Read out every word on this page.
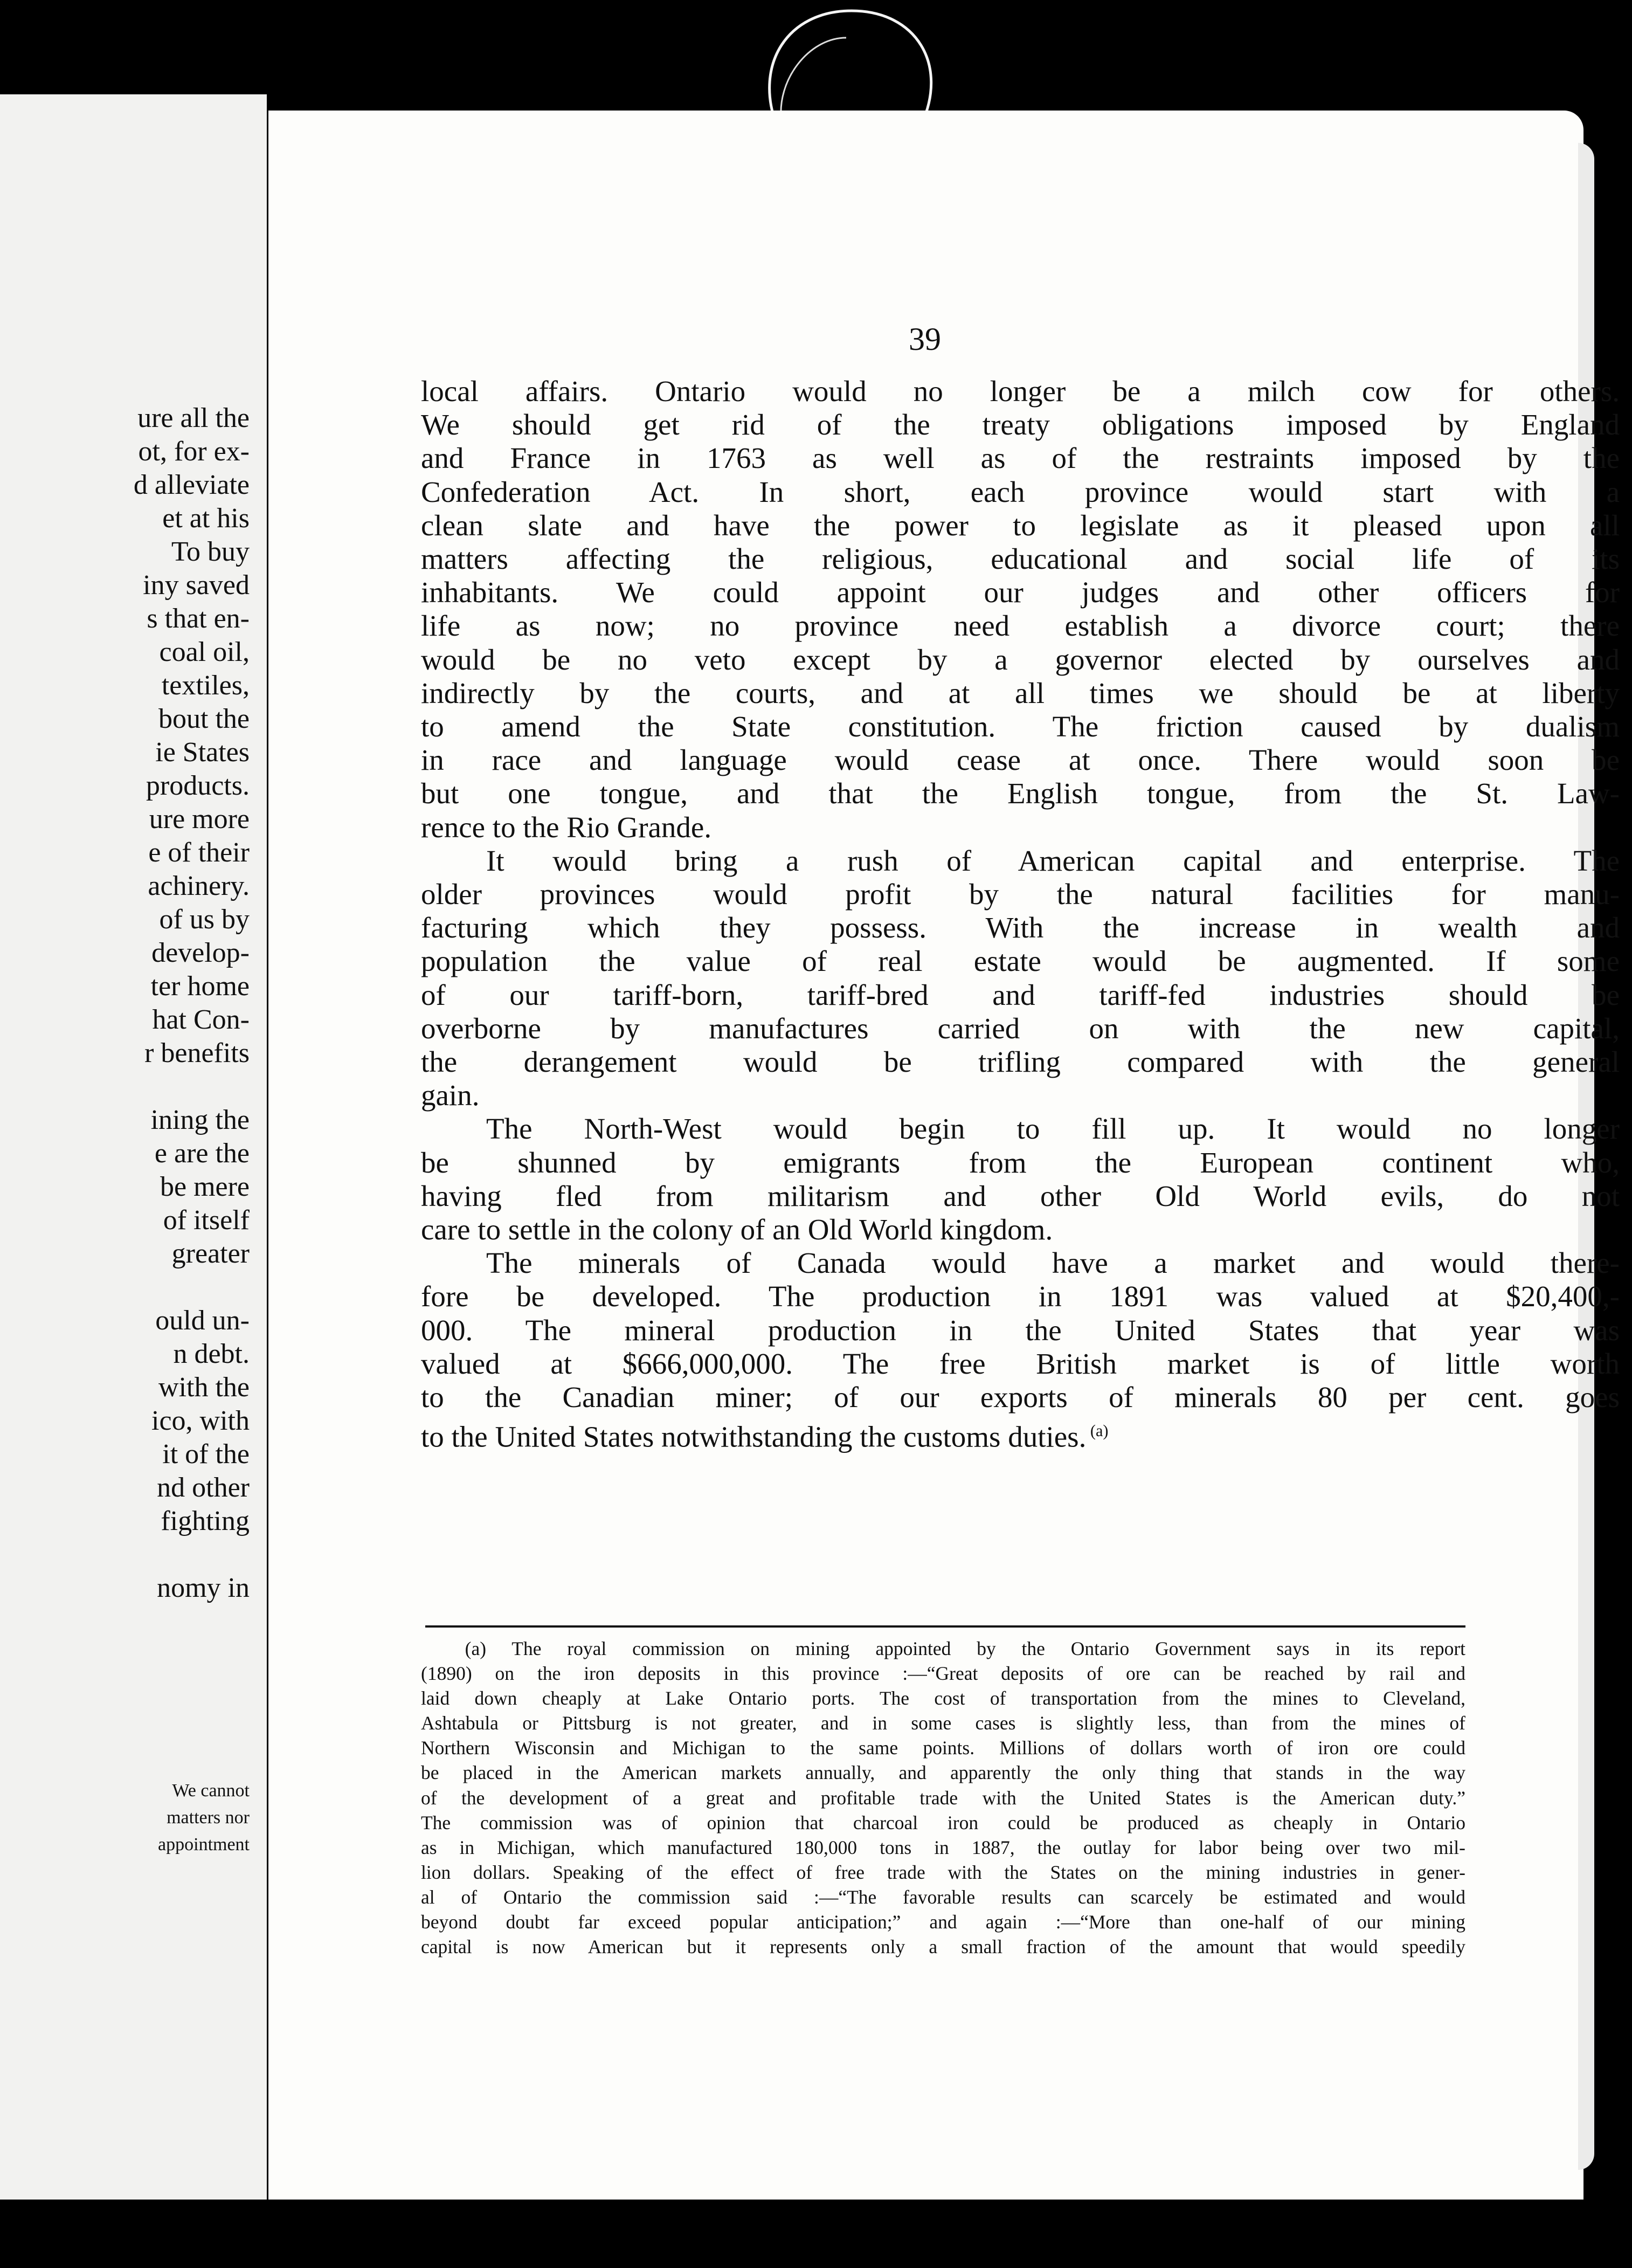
ure all the
ot, for ex-
d alleviate
et at his
To buy
iny saved
s that en-
coal oil,
textiles,
bout the
ie States
products.
ure more
e of their
achinery.
of us by
develop-
ter home
hat Con-
r benefits
ining the
e are the
be mere
of itself
greater
ould un-
n debt.
with the
ico, with
it of the
nd other
fighting
nomy in
We cannot
matters nor
appointment
39

local affairs. Ontario would no longer be a milch cow for others.

We should get rid of the treaty obligations imposed by England

and France in 1763 as well as of the restraints imposed by the

Confederation Act. In short, each province would start with a

clean slate and have the power to legislate as it pleased upon all

matters affecting the religious, educational and social life of its

inhabitants. We could appoint our judges and other officers for

life as now; no province need establish a divorce court; there

would be no veto except by a governor elected by ourselves and

indirectly by the courts, and at all times we should be at liberty

to amend the State constitution. The friction caused by dualism

in race and language would cease at once. There would soon be

but one tongue, and that the English tongue, from the St. Law-

rence to the Rio Grande.

It would bring a rush of American capital and enterprise. The

older provinces would profit by the natural facilities for manu-

facturing which they possess. With the increase in wealth and

population the value of real estate would be augmented. If some

of our tariff-born, tariff-bred and tariff-fed industries should be

overborne by manufactures carried on with the new capital,

the derangement would be trifling compared with the general

gain.

The North-West would begin to fill up. It would no longer

be shunned by emigrants from the European continent who,

having fled from militarism and other Old World evils, do not

care to settle in the colony of an Old World kingdom.

The minerals of Canada would have a market and would there-

fore be developed. The production in 1891 was valued at $20,400,-

000. The mineral production in the United States that year was

valued at $666,000,000. The free British market is of little worth

to the Canadian miner; of our exports of minerals 80 per cent. goes

to the United States notwithstanding the customs duties. $^{(a)}$

(a) The royal commission on mining appointed by the Ontario Government says in its report

(1890) on the iron deposits in this province :—“Great deposits of ore can be reached by rail and

laid down cheaply at Lake Ontario ports. The cost of transportation from the mines to Cleveland,

Ashtabula or Pittsburg is not greater, and in some cases is slightly less, than from the mines of

Northern Wisconsin and Michigan to the same points. Millions of dollars worth of iron ore could

be placed in the American markets annually, and apparently the only thing that stands in the way

of the development of a great and profitable trade with the United States is the American duty.”

The commission was of opinion that charcoal iron could be produced as cheaply in Ontario

as in Michigan, which manufactured 180,000 tons in 1887, the outlay for labor being over two mil-

lion dollars. Speaking of the effect of free trade with the States on the mining industries in gener-

al of Ontario the commission said :—“The favorable results can scarcely be estimated and would

beyond doubt far exceed popular anticipation;” and again :—“More than one-half of our mining

capital is now American but it represents only a small fraction of the amount that would speedily
